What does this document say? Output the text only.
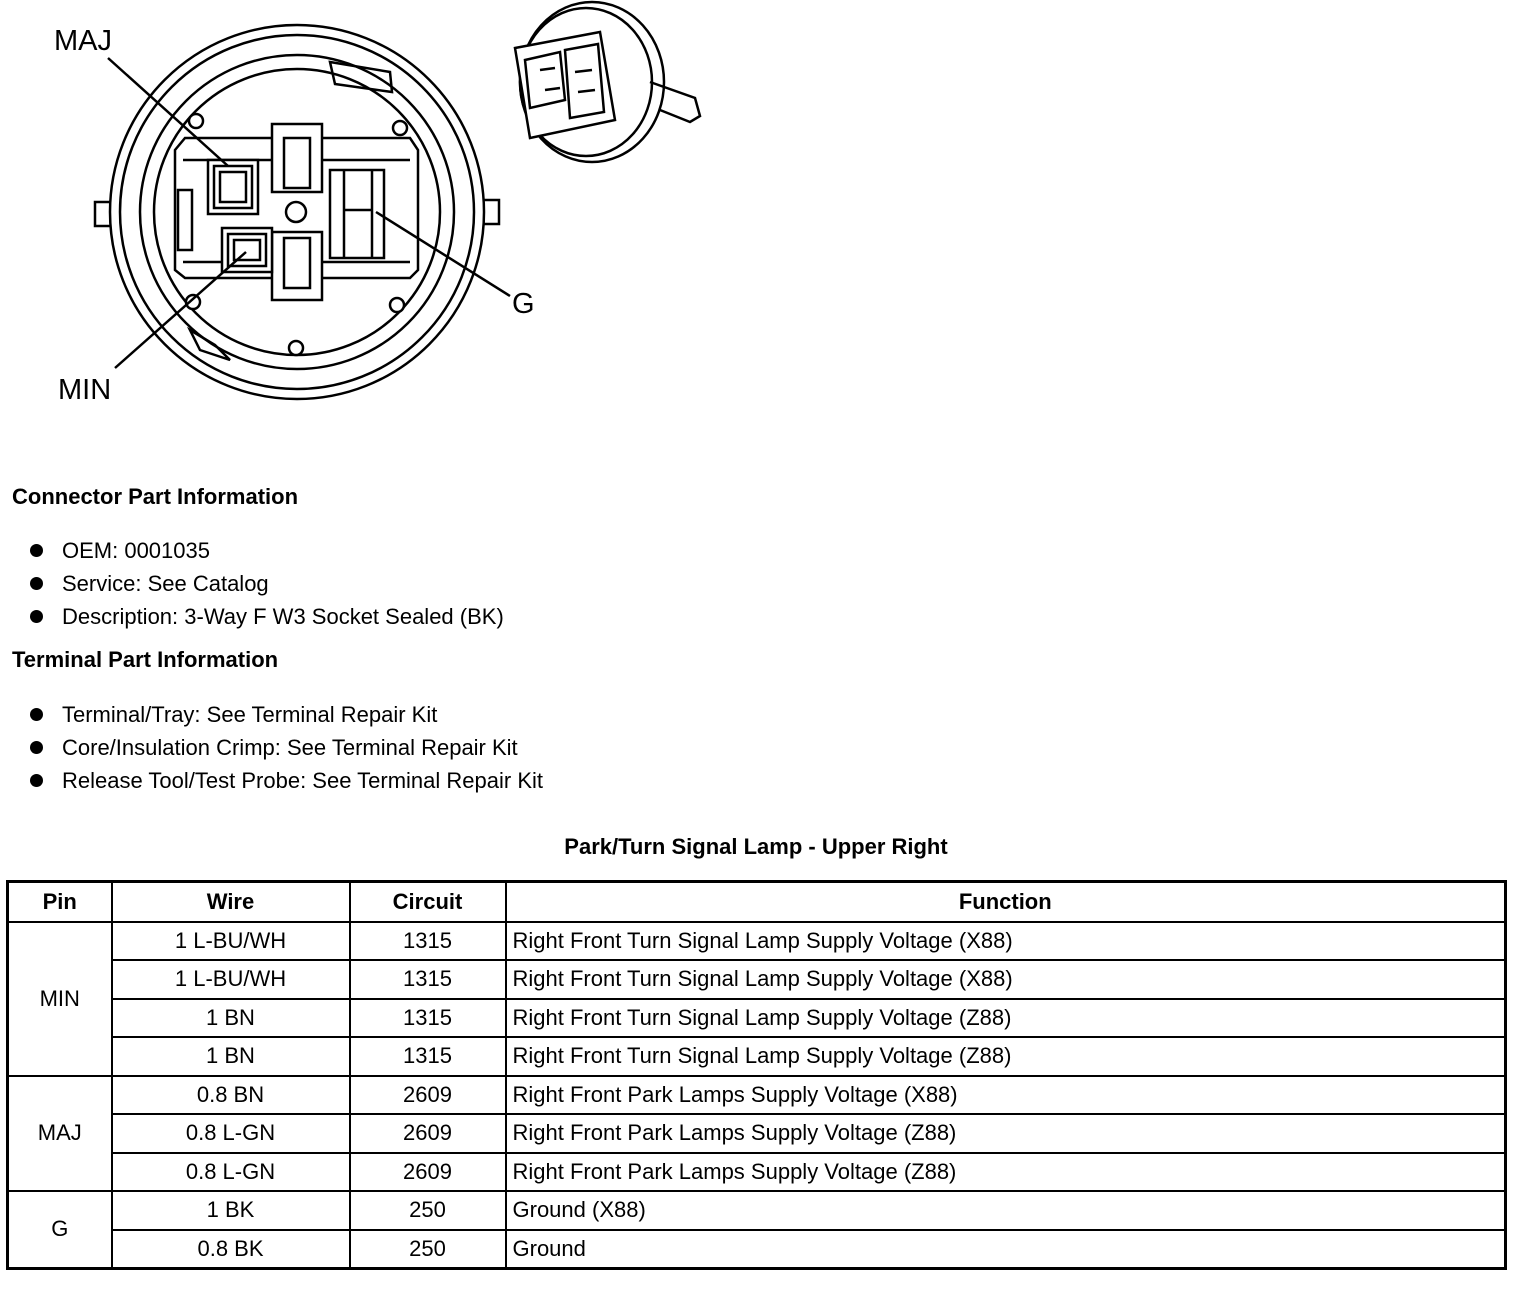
MAJ
MIN
G
Connector Part Information
OEM: 0001035
Service: See Catalog
Description: 3-Way F W3 Socket Sealed (BK)
Terminal Part Information
Terminal/Tray: See Terminal Repair Kit
Core/Insulation Crimp: See Terminal Repair Kit
Release Tool/Test Probe: See Terminal Repair Kit
Park/Turn Signal Lamp - Upper Right
Pin	Wire	Circuit	Function
MIN	1 L-BU/WH	1315	Right Front Turn Signal Lamp Supply Voltage (X88)
	1 L-BU/WH	1315	Right Front Turn Signal Lamp Supply Voltage (X88)
	1 BN	1315	Right Front Turn Signal Lamp Supply Voltage (Z88)
	1 BN	1315	Right Front Turn Signal Lamp Supply Voltage (Z88)
MAJ	0.8 BN	2609	Right Front Park Lamps Supply Voltage (X88)
	0.8 L-GN	2609	Right Front Park Lamps Supply Voltage (Z88)
	0.8 L-GN	2609	Right Front Park Lamps Supply Voltage (Z88)
G	1 BK	250	Ground (X88)
	0.8 BK	250	Ground
